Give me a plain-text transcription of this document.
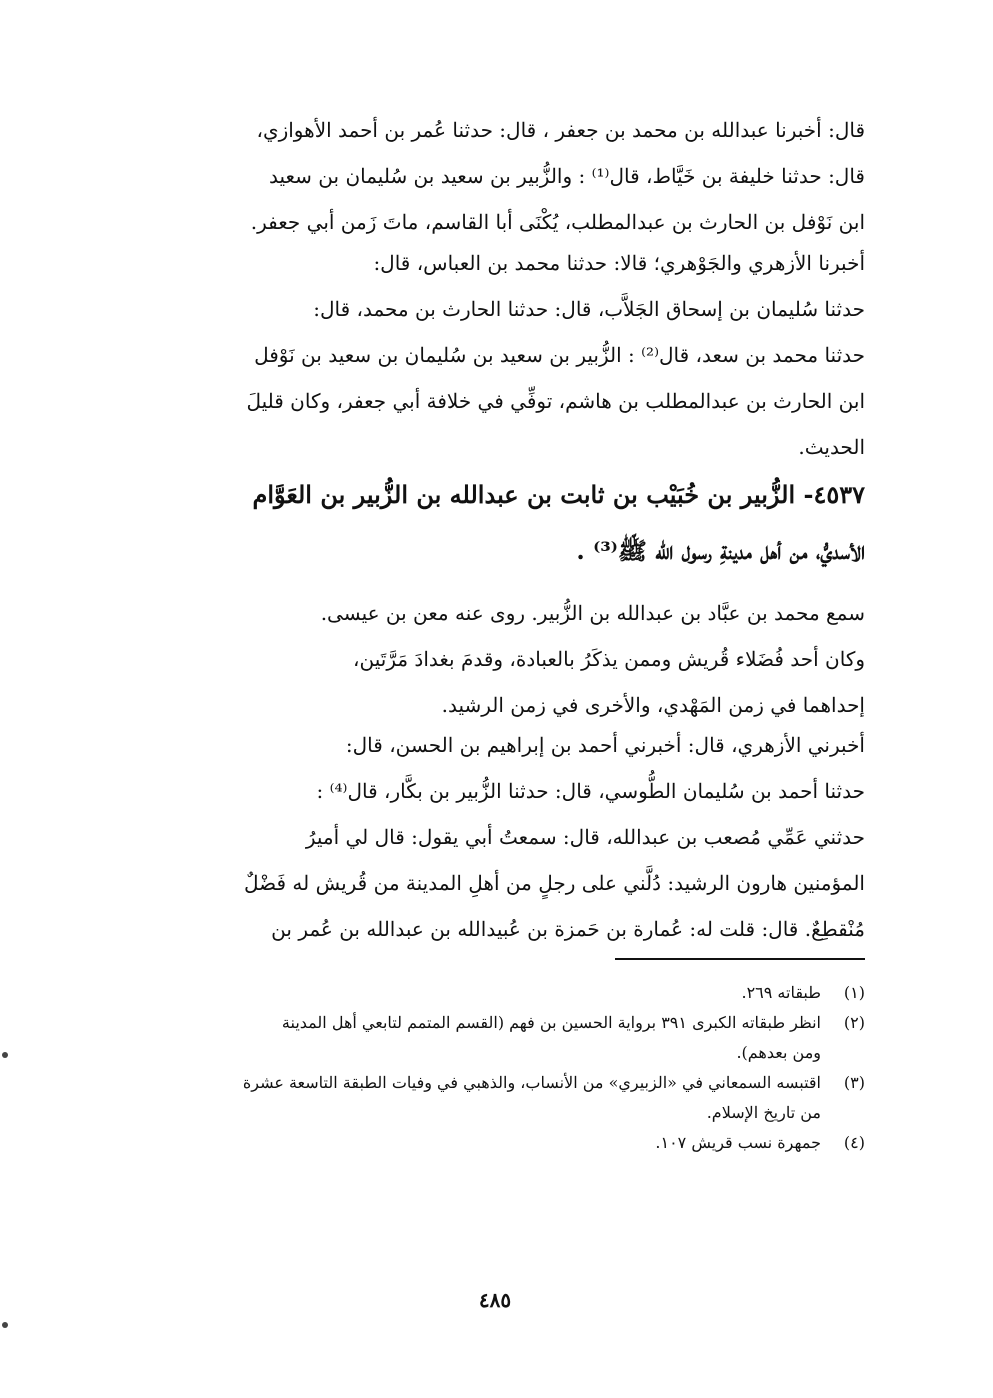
قال: أخبرنا عبدالله بن محمد بن جعفر ، قال: حدثنا عُمر بن أحمد الأهوازي،
قال: حدثنا خليفة بن خَيَّاط، قال⁽¹⁾ : والزُّبير بن سعيد بن سُليمان بن سعيد
ابن نَوْفل بن الحارث بن عبدالمطلب، يُكْنَى أبا القاسم، ماتَ زَمن أبي جعفر.
أخبرنا الأزهري والجَوْهري؛ قالا: حدثنا محمد بن العباس، قال:
حدثنا سُليمان بن إسحاق الجَلاَّب، قال: حدثنا الحارث بن محمد، قال:
حدثنا محمد بن سعد، قال⁽²⁾ : الزُّبير بن سعيد بن سُليمان بن سعيد بن نَوْفل
ابن الحارث بن عبدالمطلب بن هاشم، توفِّي في خلافة أبي جعفر، وكان قليلَ
الحديث.
٤٥٣٧- الزُّبير بن خُبَيْب بن ثابت بن عبدالله بن الزُّبير بن العَوَّام
الأسديُّ، من أهل مدينةِ رسول الله ﷺ⁽³⁾ .
سمع محمد بن عبَّاد بن عبدالله بن الزُّبير. روى عنه معن بن عيسى.
وكان أحد فُضَلاء قُريش وممن يذكَرُ بالعبادة، وقدمَ بغدادَ مَرَّتَين،
إحداهما في زمن المَهْدي، والأخرى في زمن الرشيد.
أخبرني الأزهري، قال: أخبرني أحمد بن إبراهيم بن الحسن، قال:
حدثنا أحمد بن سُليمان الطُّوسي، قال: حدثنا الزُّبير بن بكَّار، قال⁽⁴⁾ :
حدثني عَمِّي مُصعب بن عبدالله، قال: سمعتُ أبي يقول: قال لي أميرُ
المؤمنين هارون الرشيد: دُلَّني على رجلٍ من أهلِ المدينة من قُريش له فَضْلٌ
مُنْقطِعٌ. قال: قلت له: عُمارة بن حَمزة بن عُبيدالله بن عبدالله بن عُمر بن
(١)
طبقاته ٢٦٩.
(٢)
انظر طبقاته الكبرى ٣٩١ برواية الحسين بن فهم (القسم المتمم لتابعي أهل المدينة
ومن بعدهم).
(٣)
اقتبسه السمعاني في «الزبيري» من الأنساب، والذهبي في وفيات الطبقة التاسعة عشرة
من تاريخ الإسلام.
(٤)
جمهرة نسب قريش ١٠٧.
٤٨٥
